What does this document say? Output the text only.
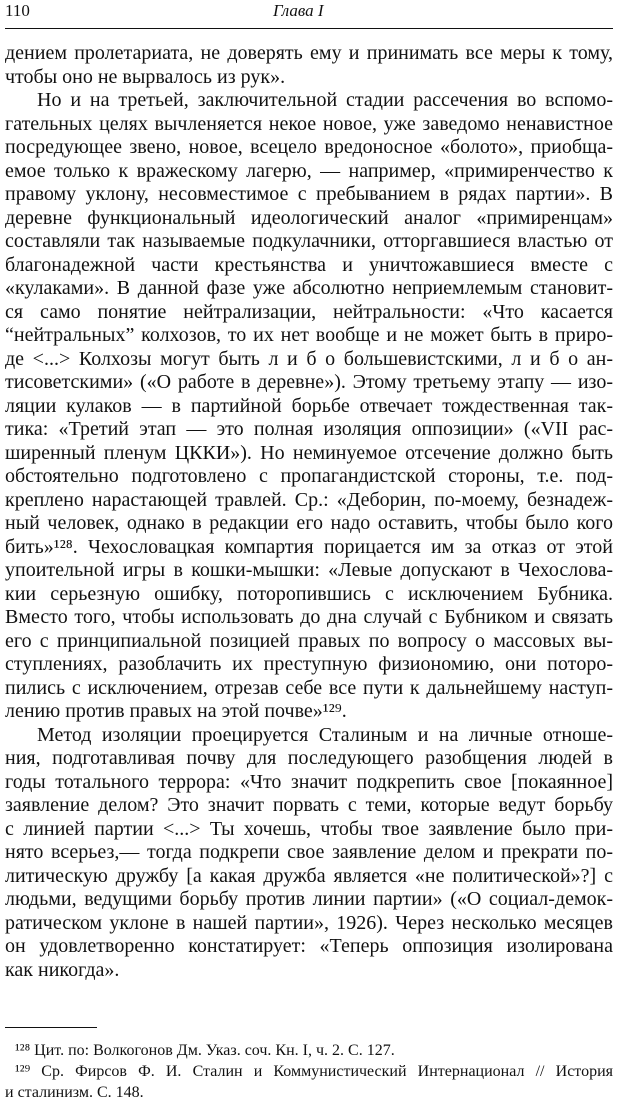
110	Глава I
дением пролетариата, не доверять ему и принимать все меры к тому,
чтобы оно не вырвалось из рук».
Но и на третьей, заключительной стадии рассечения во вспомо-
гательных целях вычленяется некое новое, уже заведомо ненавистное
посредующее звено, новое, всецело вредоносное «болото», приобща-
емое только к вражескому лагерю, — например, «примиренчество к
правому уклону, несовместимое с пребыванием в рядах партии». В
деревне функциональный идеологический аналог «примиренцам»
составляли так называемые подкулачники, отторгавшиеся властью от
благонадежной части крестьянства и уничтожавшиеся вместе с
«кулаками». В данной фазе уже абсолютно неприемлемым становит-
ся само понятие нейтрализации, нейтральности: «Что касается
“нейтральных” колхозов, то их нет вообще и не может быть в приро-
де <...> Колхозы могут быть л и б о большевистскими, л и б о ан-
тисоветскими» («О работе в деревне»). Этому третьему этапу — изо-
ляции кулаков — в партийной борьбе отвечает тождественная так-
тика: «Третий этап — это полная изоляция оппозиции» («VII рас-
ширенный пленум ЦККИ»). Но неминуемое отсечение должно быть
обстоятельно подготовлено с пропагандистской стороны, т.е. под-
креплено нарастающей травлей. Ср.: «Деборин, по-моему, безнадеж-
ный человек, однако в редакции его надо оставить, чтобы было кого
бить»¹²⁸. Чехословацкая компартия порицается им за отказ от этой
упоительной игры в кошки-мышки: «Левые допускают в Чехослова-
кии серьезную ошибку, поторопившись с исключением Бубника.
Вместо того, чтобы использовать до дна случай с Бубником и связать
его с принципиальной позицией правых по вопросу о массовых вы-
ступлениях, разоблачить их преступную физиономию, они потoро-
пились с исключением, отрезав себе все пути к дальнейшему наступ-
лению против правых на этой почве»¹²⁹.
Метод изоляции проецируется Сталиным и на личные отноше-
ния, подготавливая почву для последующего разобщения людей в
годы тотального террора: «Что значит подкрепить свое [покаянное]
заявление делом? Это значит порвать с теми, которые ведут борьбу
с линией партии <...> Ты хочешь, чтобы твое заявление было при-
нято всерьез,— тогда подкрепи свое заявление делом и прекрати по-
литическую дружбу [а какая дружба является «не политической»?] с
людьми, ведущими борьбу против линии партии» («О социал-демок-
ратическом уклоне в нашей партии», 1926). Через несколько месяцев
он удовлетворенно констатирует: «Теперь оппозиция изолирована
как никогда».
¹²⁸ Цит. по: Волкогонов Дм. Указ. соч. Кн. I, ч. 2. С. 127.
¹²⁹ Ср. Фирсов Ф. И. Сталин и Коммунистический Интернационал // История
и сталинизм. С. 148.
